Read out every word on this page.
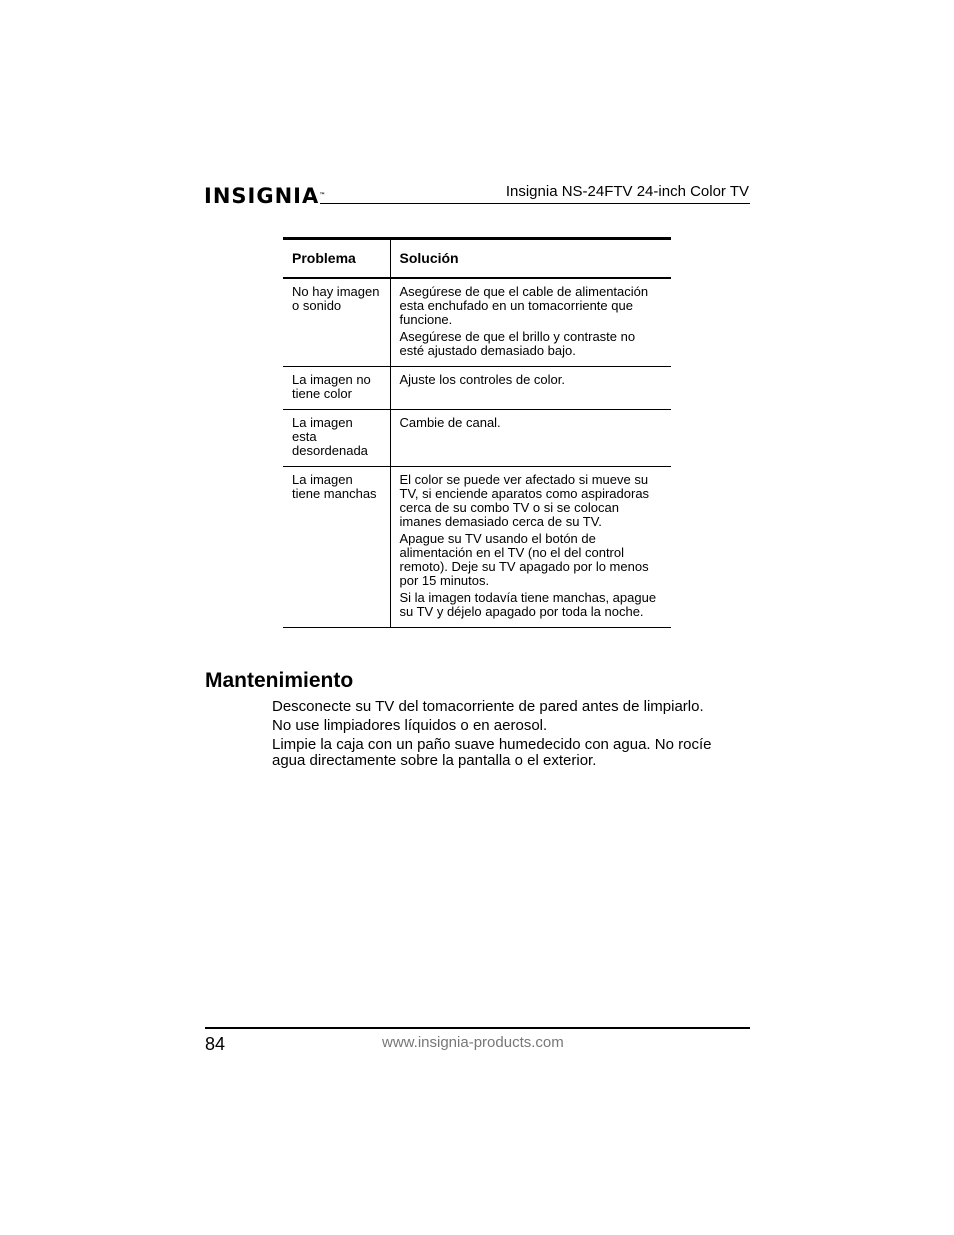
INSIGNIA™	Insignia NS-24FTV 24-inch Color TV
Problema	Solución
No hay imagen o sonido	Asegúrese de que el cable de alimentación esta enchufado en un tomacorriente que funcione.

Asegúrese de que el brillo y contraste no esté ajustado demasiado bajo.

La imagen no tiene color	Ajuste los controles de color.

La imagen esta desordenada	Cambie de canal.

La imagen tiene manchas	El color se puede ver afectado si mueve su TV, si enciende aparatos como aspiradoras cerca de su combo TV o si se colocan imanes demasiado cerca de su TV.

Apague su TV usando el botón de alimentación en el TV (no el del control remoto). Deje su TV apagado por lo menos por 15 minutos.

Si la imagen todavía tiene manchas, apague su TV y déjelo apagado por toda la noche.

Mantenimiento

Desconecte su TV del tomacorriente de pared antes de limpiarlo.

No use limpiadores líquidos o en aerosol.

Limpie la caja con un paño suave humedecido con agua. No rocíe agua directamente sobre la pantalla o el exterior.

84	www.insignia-products.com
